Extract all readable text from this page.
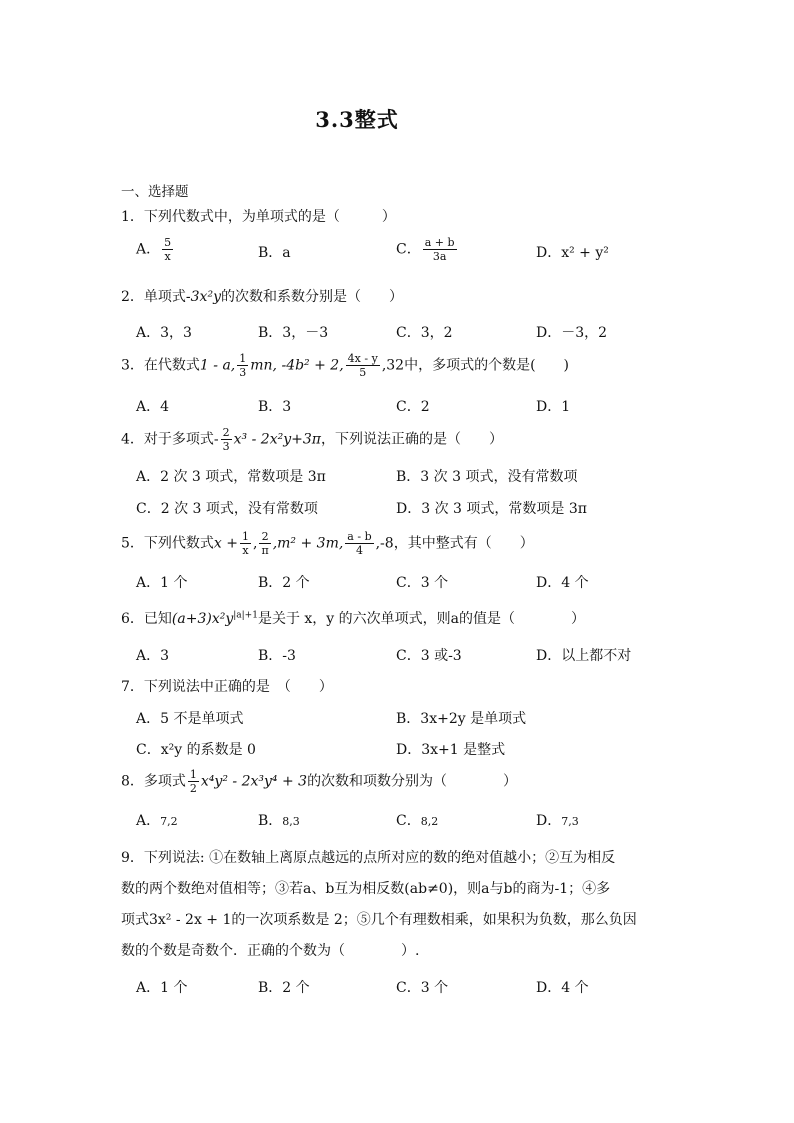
3.3整式
一、选择题
1．下列代数式中，为单项式的是（　　　）
A． $\frac{5}{x}$	B．a	C． $\frac{a + b}{3a}$	D．x² + y²
2．单项式-3x²y的次数和系数分别是（　　）
A．3，3	B．3，－3	C．3，2	D．－3，2
3．在代数式1 - a, $\frac{1}{3}$ mn, -4b² + 2, $\frac{4x - y}{5} ,32$中，多项式的个数是(　　)
A．4	B．3	C．2	D．1
4．对于多项式- $\frac{2}{3} x^3 - 2x^2y+3\pi$，下列说法正确的是（　　）
A．2 次 3 项式，常数项是 3π	B．3 次 3 项式，没有常数项
C．2 次 3 项式，没有常数项	D．3 次 3 项式，常数项是 3π
5．下列代数式$x + \frac{1}{x}$ , $\frac{2}{\pi} ,m^2 + 3m$, $\frac{a - b}{4} ,-8$，其中整式有（　　）
A．1 个	B．2 个	C．3 个	D．4 个
6．已知$(a+3)x^2y^{|a|+1}$是关于 x，y 的六次单项式，则a的值是（　　　　）
A．3	B．-3	C．3 或-3	D．以上都不对
7．下列说法中正确的是　（　　）
A．5 不是单项式	B．3x+2y 是单项式
C．x²y 的系数是 0	D．3x+1 是整式
8．多项式 $\frac{1}{2} x^4y^2 - 2x^3y^4 + 3$的次数和项数分别为（　　　　）
A．7,2	B．8,3	C．8,2	D．7,3
9．下列说法: ①在数轴上离原点越远的点所对应的数的绝对值越小；②互为相反
数的两个数绝对值相等；③若a、b互为相反数(ab≠0)，则a与b的商为-1；④多
项式3x² - 2x + 1的一次项系数是 2；⑤几个有理数相乘，如果积为负数，那么负因
数的个数是奇数个．正确的个数为（　　　　）.
A．1 个	B．2 个	C．3 个	D．4 个
